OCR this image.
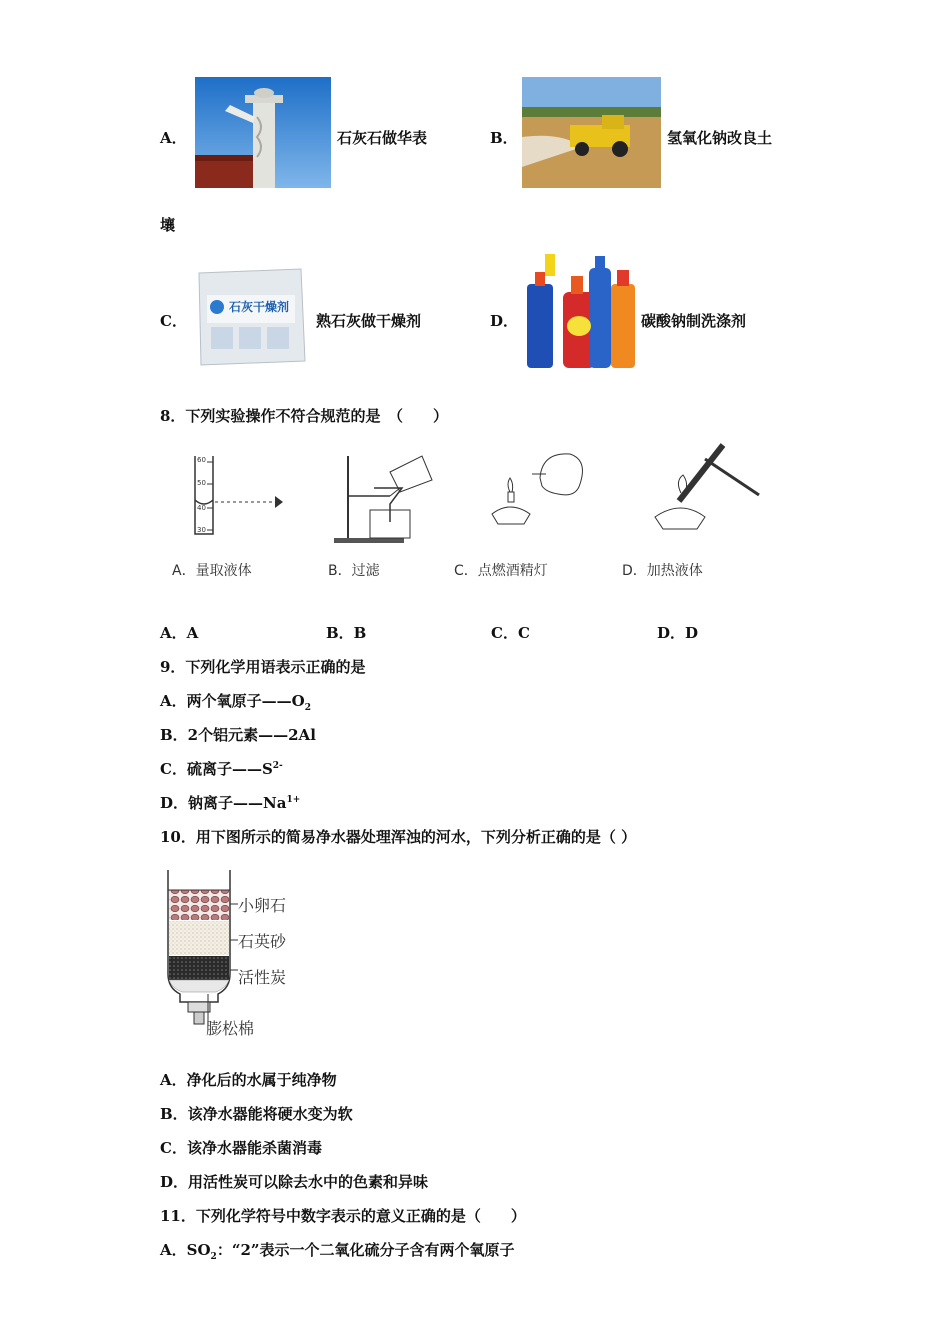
A．	石灰石做华表	B．	氢氧化钠改良土
壤
C．
石灰干燥剂
熟石灰做干燥剂	D．	碳酸钠制洗涤剂
8．下列实验操作不符合规范的是　（　　）
60
50
40
30
A．量取液体	B．过滤	C．点燃酒精灯	D．加热液体
A．A	B．B	C．C	D．D
9．下列化学用语表示正确的是
A．两个氧原子$——O_2$
B．2个铝元素——2Al
C．硫离子$——S^{2-}$
D．钠离子$——Na^{1+}$
10．用下图所示的简易净水器处理浑浊的河水，下列分析正确的是（ ）
小卵石
石英砂
活性炭
膨松棉
A．净化后的水属于纯净物
B．该净水器能将硬水变为软
C．该净水器能杀菌消毒
D．用活性炭可以除去水中的色素和异味
11．下列化学符号中数字表示的意义正确的是（　　）
A．$SO_2$：“2”表示一个二氧化硫分子含有两个氧原子
